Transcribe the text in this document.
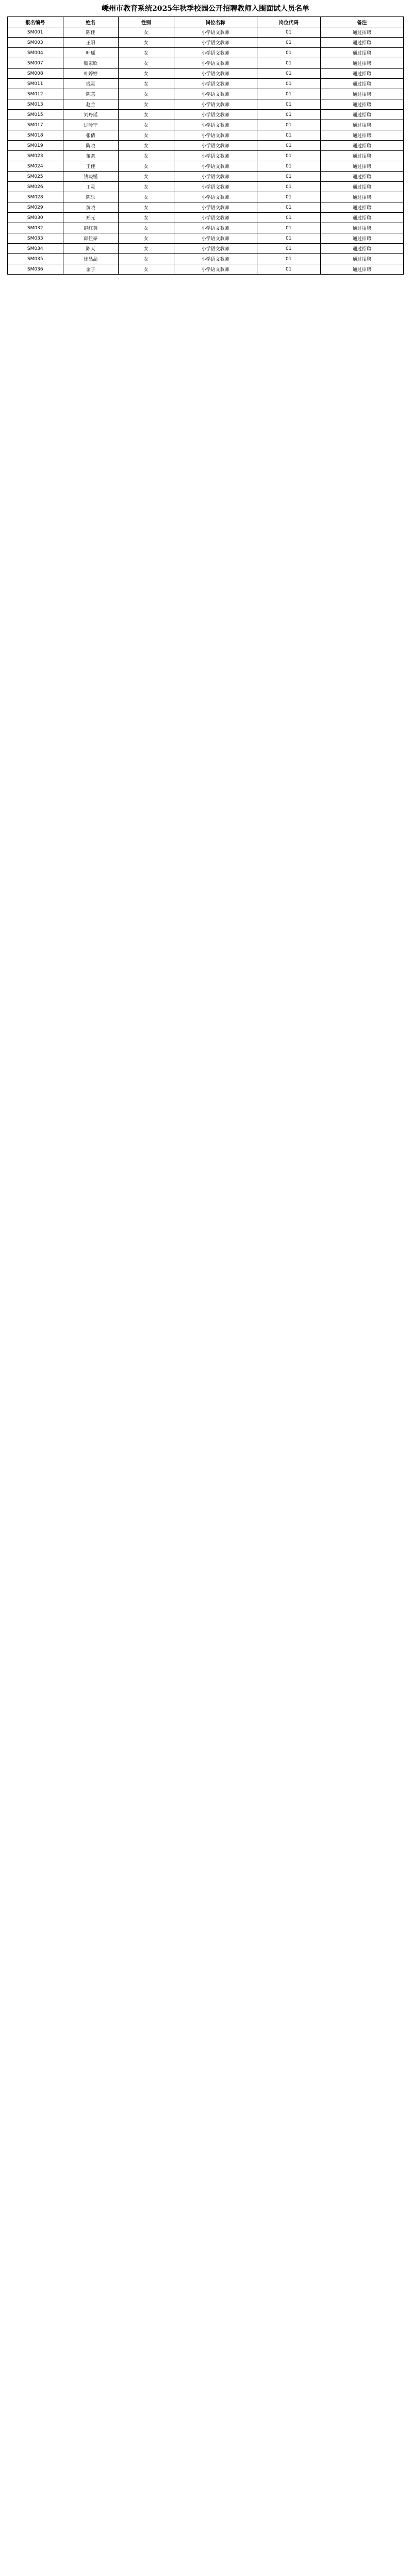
嵊州市教育系统2025年秋季校园公开招聘教师入围面试人员名单
报名编号	姓名	性别	岗位名称	岗位代码	备注
SM001	陈佳	女	小学语文教师	01	通过招聘
SM003	王阳	女	小学语文教师	01	通过招聘
SM004	叶瑶	女	小学语文教师	01	通过招聘
SM007	魏家欣	女	小学语文教师	01	通过招聘
SM008	叶婷婷	女	小学语文教师	01	通过招聘
SM011	钱灵	女	小学语文教师	01	通过招聘
SM012	陈慧	女	小学语文教师	01	通过招聘
SM013	赵兰	女	小学语文教师	01	通过招聘
SM015	刘丹瑶	女	小学语文教师	01	通过招聘
SM017	过吟宁	女	小学语文教师	01	通过招聘
SM018	张倩	女	小学语文教师	01	通过招聘
SM019	陶晓	女	小学语文教师	01	通过招聘
SM023	董凯	女	小学语文教师	01	通过招聘
SM024	王佳	女	小学语文教师	01	通过招聘
SM025	钱晓媛	女	小学语文教师	01	通过招聘
SM026	丁灵	女	小学语文教师	01	通过招聘
SM028	陈乐	女	小学语文教师	01	通过招聘
SM029	黄晓	女	小学语文教师	01	通过招聘
SM030	郑元	女	小学语文教师	01	通过招聘
SM032	赵红英	女	小学语文教师	01	通过招聘
SM033	邱佳豪	女	小学语文教师	01	通过招聘
SM034	陈天	女	小学语文教师	01	通过招聘
SM035	徐晶晶	女	小学语文教师	01	通过招聘
SM036	金子	女	小学语文教师	01	通过招聘
